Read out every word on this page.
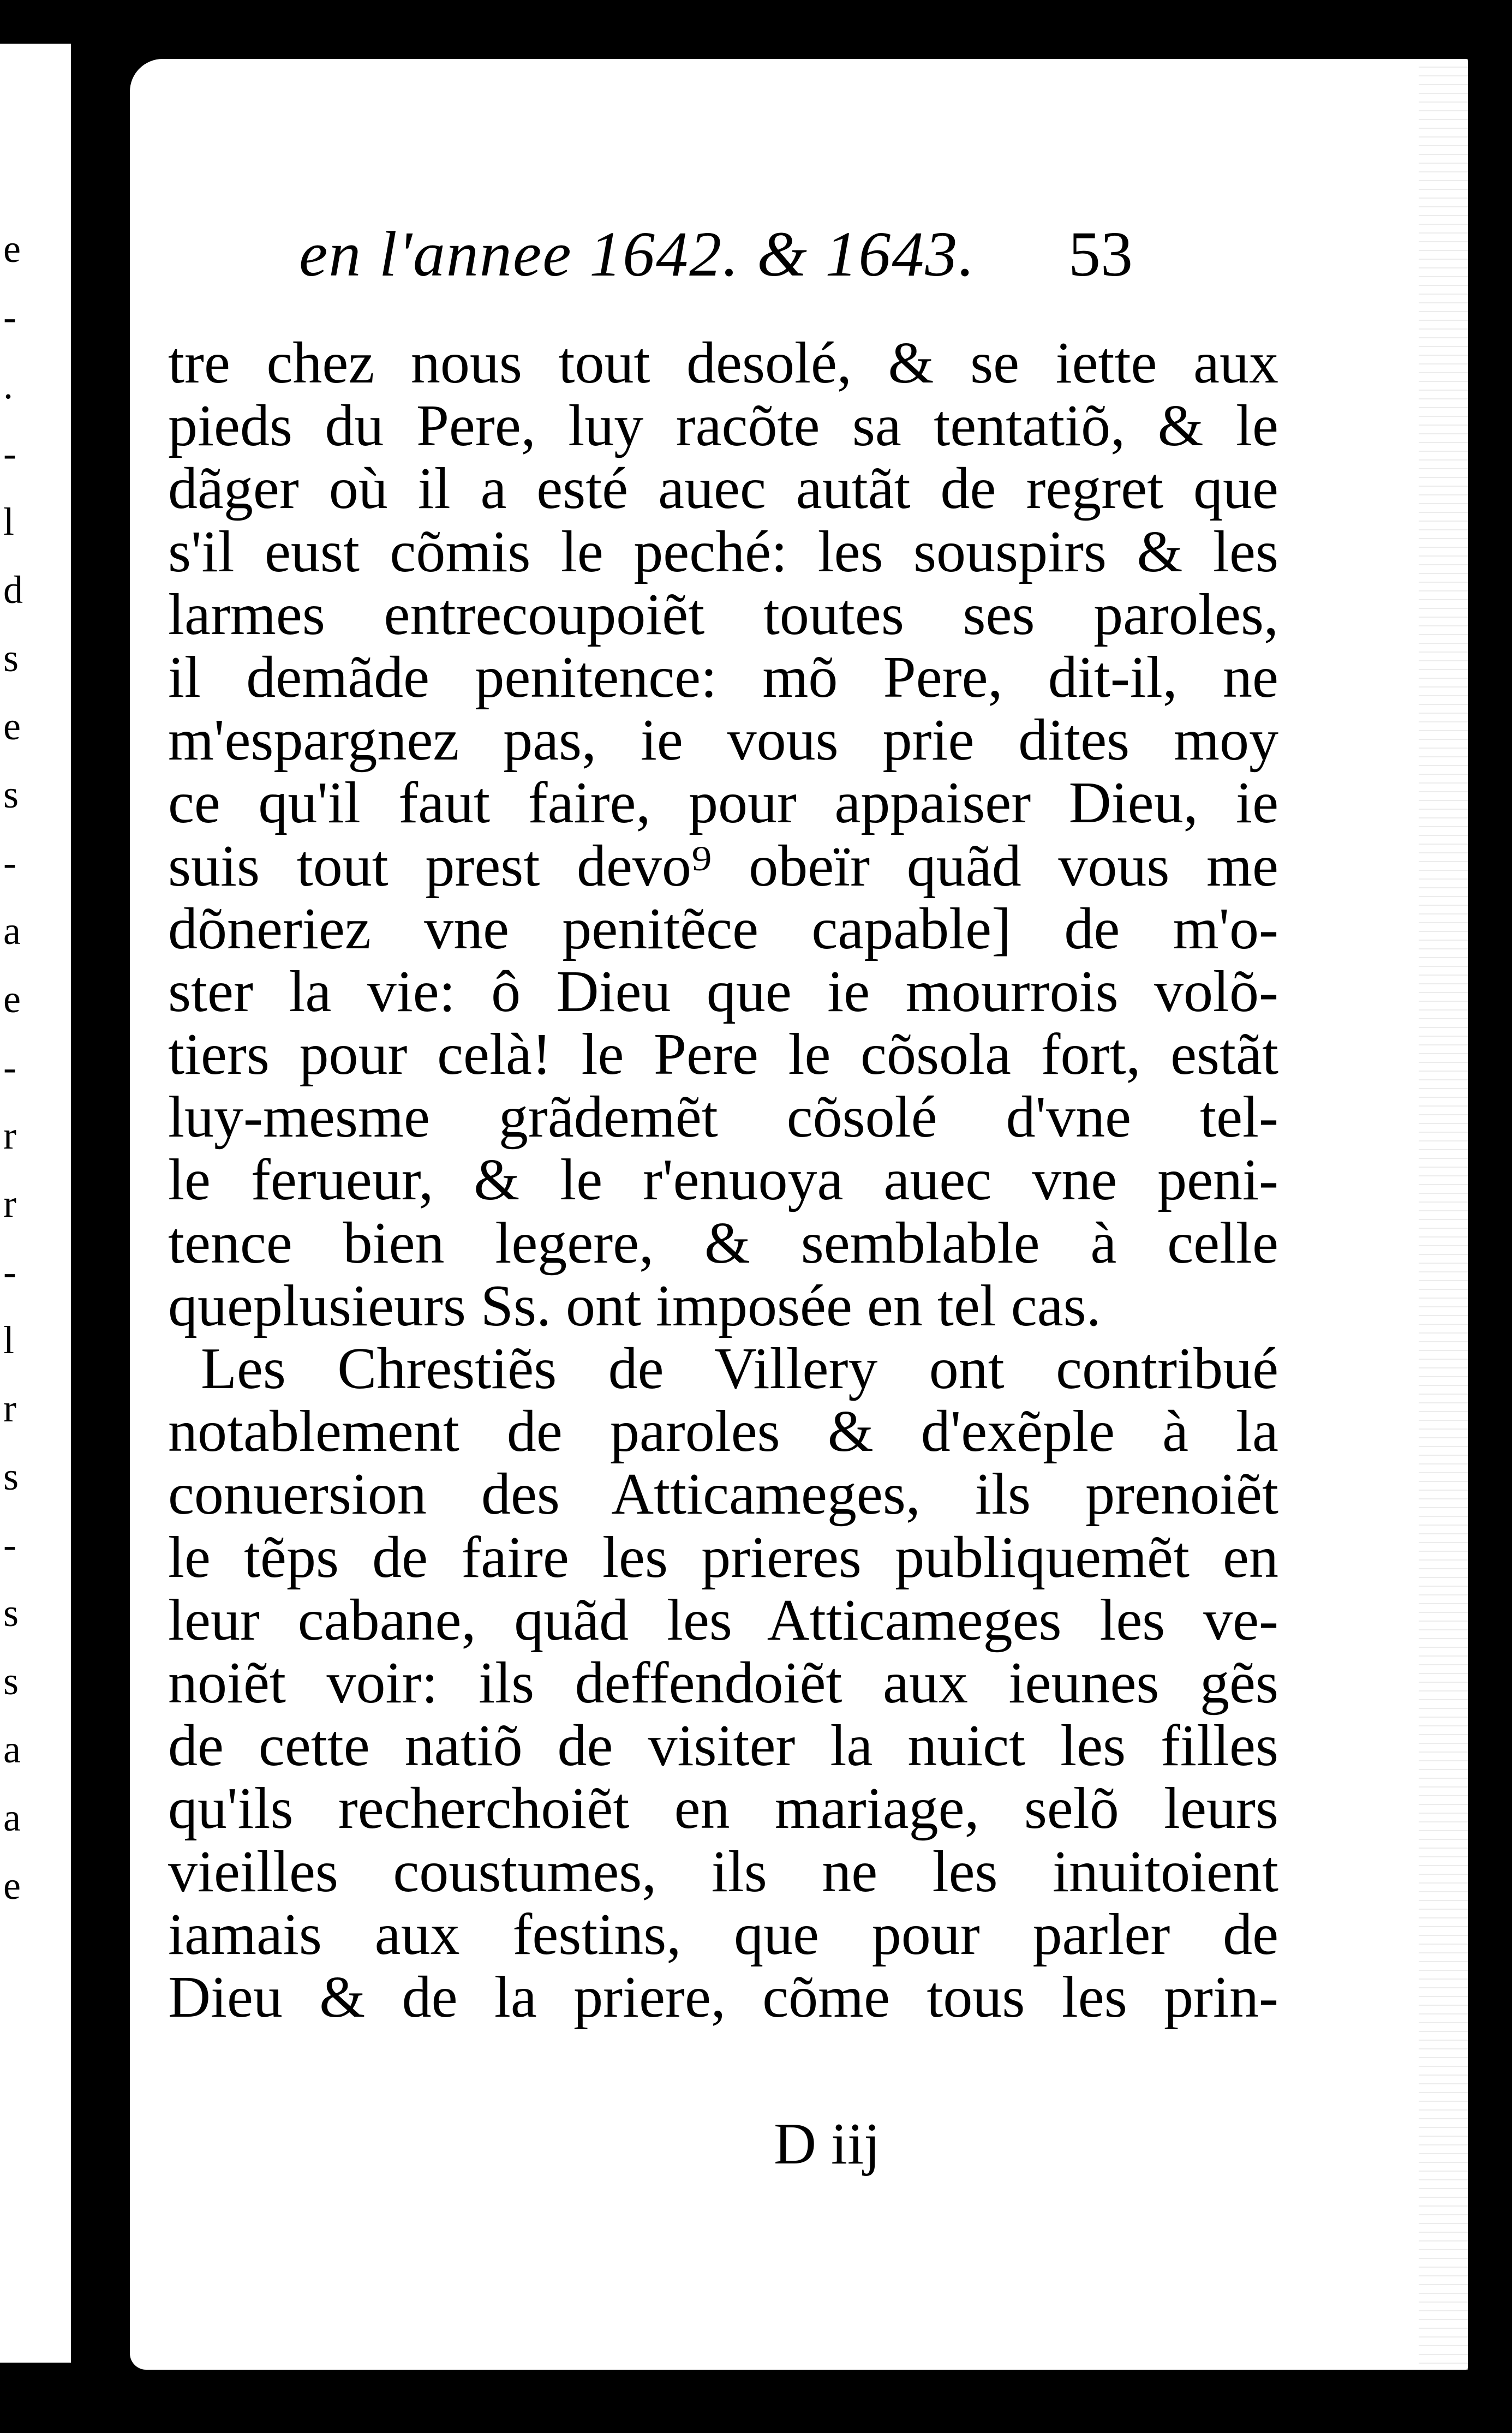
e
-
.
-
l
d
s
e
s
-
a
e
-
r
r
-
l
r
s
-
s
s
a
a
e
en l'annee 1642. & 1643. 53
tre chez nous tout desolé, & se iette aux
pieds du Pere, luy racõte sa tentatiõ, & le
dãger où il a esté auec autãt de regret que
s'il eust cõmis le peché: les souspirs & les
larmes entrecoupoiẽt toutes ses paroles,
il demãde penitence: mõ Pere, dit-il, ne
m'espargnez pas, ie vous prie dites moy
ce qu'il faut faire, pour appaiser Dieu, ie
suis tout prest devo⁹ obeïr quãd vous me
dõneriez vne penitẽce capable] de m'o-
ster la vie: ô Dieu que ie mourrois volõ-
tiers pour celà! le Pere le cõsola fort, estãt
luy-mesme grãdemẽt cõsolé d'vne tel-
le ferueur, & le r'enuoya auec vne peni-
tence bien legere, & semblable à celle
queplusieurs Ss. ont imposée en tel cas.
Les Chrestiẽs de Villery ont contribué
notablement de paroles & d'exẽple à la
conuersion des Atticameges, ils prenoiẽt
le tẽps de faire les prieres publiquemẽt en
leur cabane, quãd les Atticameges les ve-
noiẽt voir: ils deffendoiẽt aux ieunes gẽs
de cette natiõ de visiter la nuict les filles
qu'ils recherchoiẽt en mariage, selõ leurs
vieilles coustumes, ils ne les inuitoient
iamais aux festins, que pour parler de
Dieu & de la priere, cõme tous les prin-
D iij
